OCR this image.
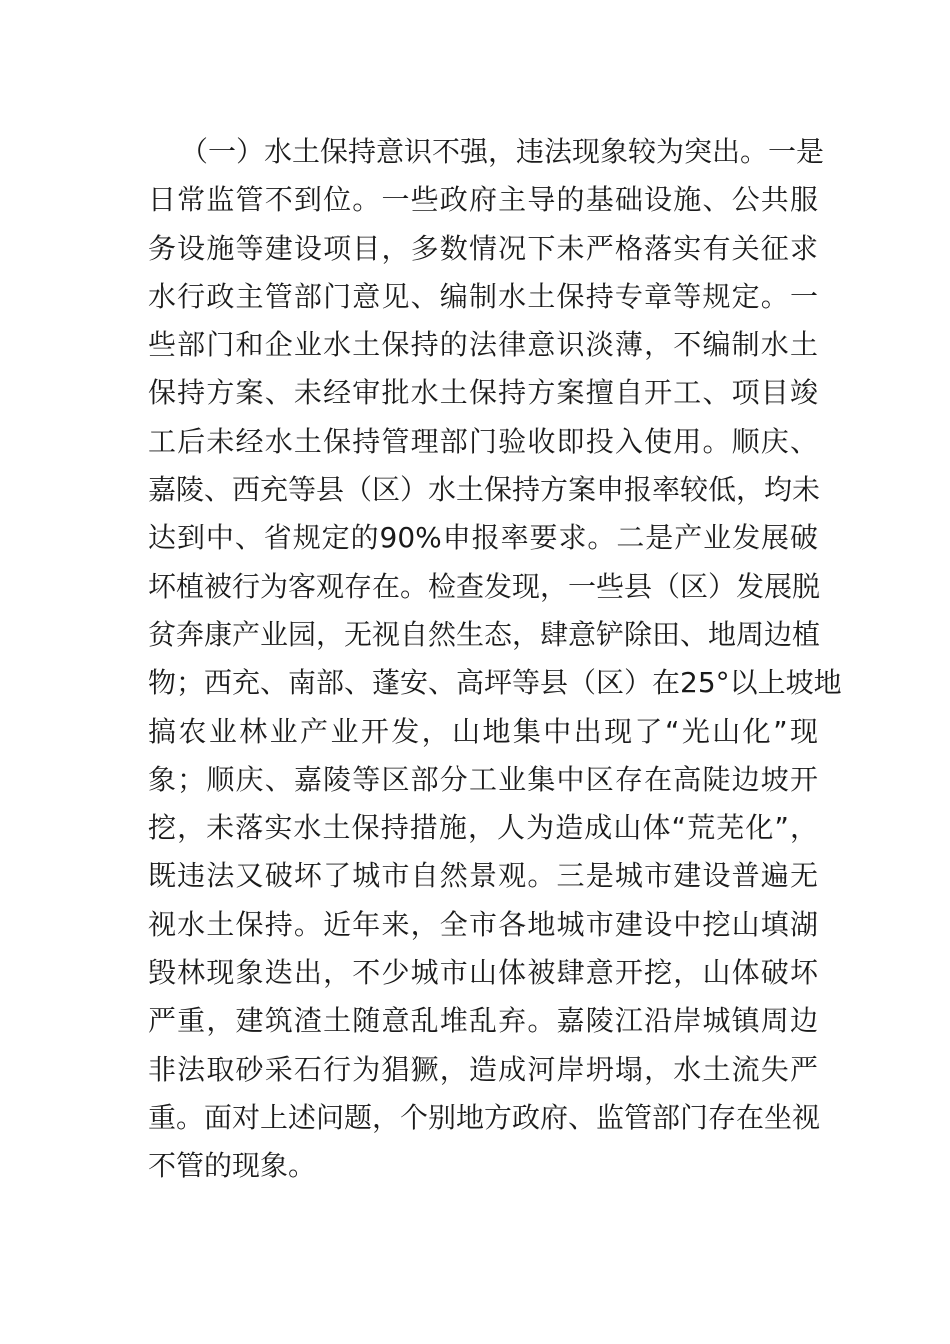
（一）水土保持意识不强，违法现象较为突出。一是
日常监管不到位。一些政府主导的基础设施、公共服
务设施等建设项目，多数情况下未严格落实有关征求
水行政主管部门意见、编制水土保持专章等规定。一
些部门和企业水土保持的法律意识淡薄，不编制水土
保持方案、未经审批水土保持方案擅自开工、项目竣
工后未经水土保持管理部门验收即投入使用。顺庆、
嘉陵、西充等县（区）水土保持方案申报率较低，均未
达到中、省规定的90%申报率要求。二是产业发展破
坏植被行为客观存在。检查发现，一些县（区）发展脱
贫奔康产业园，无视自然生态，肆意铲除田、地周边植
物；西充、南部、蓬安、高坪等县（区）在25°以上坡地
搞农业林业产业开发，山地集中出现了“光山化”现
象；顺庆、嘉陵等区部分工业集中区存在高陡边坡开
挖，未落实水土保持措施，人为造成山体“荒芜化”，
既违法又破坏了城市自然景观。三是城市建设普遍无
视水土保持。近年来，全市各地城市建设中挖山填湖
毁林现象迭出，不少城市山体被肆意开挖，山体破坏
严重，建筑渣土随意乱堆乱弃。嘉陵江沿岸城镇周边
非法取砂采石行为猖獗，造成河岸坍塌，水土流失严
重。面对上述问题，个别地方政府、监管部门存在坐视
不管的现象。
